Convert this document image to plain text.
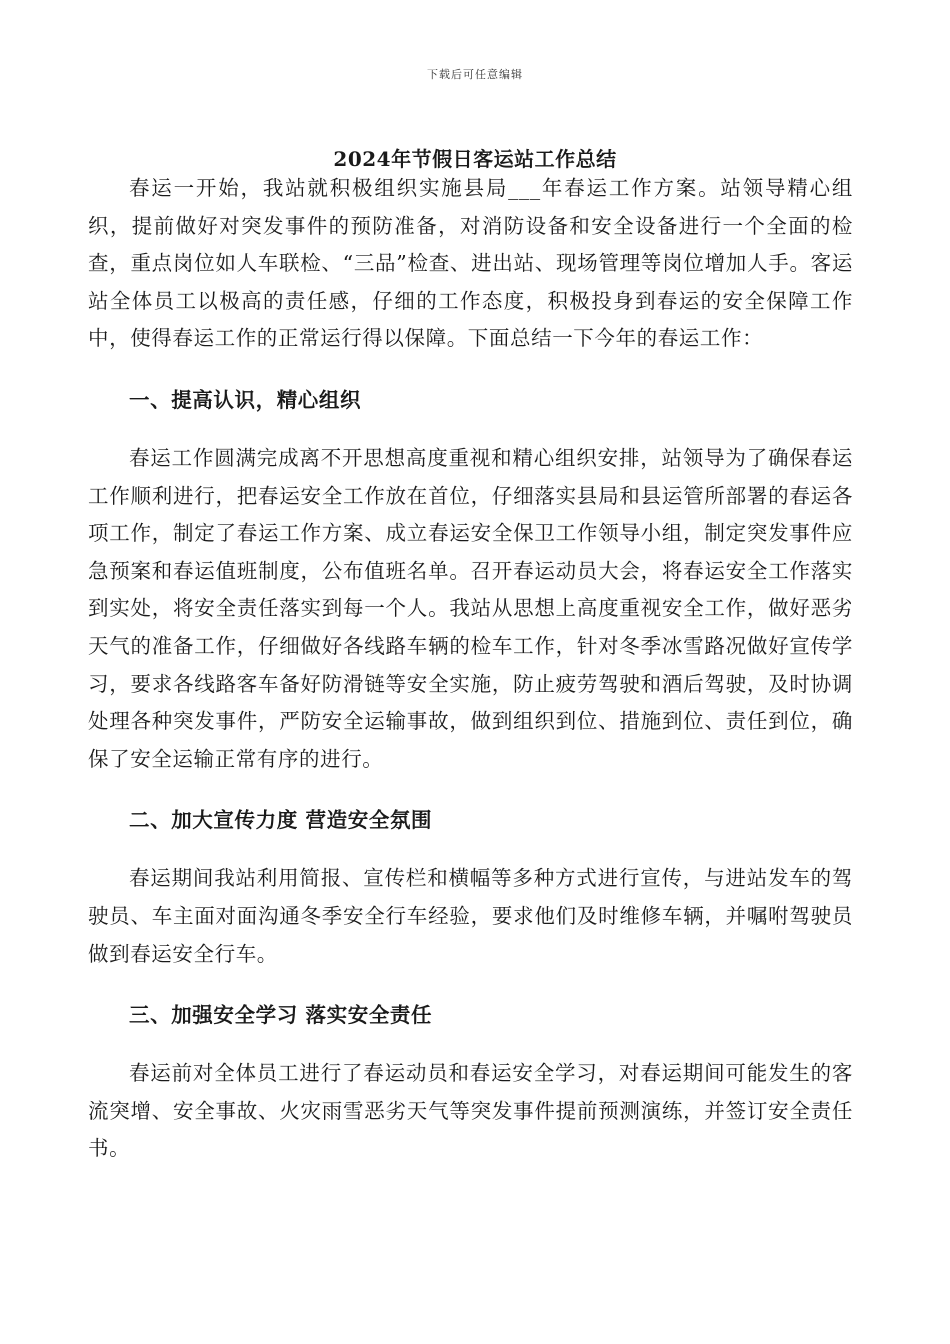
下载后可任意编辑
2024年节假日客运站工作总结

春运一开始，我站就积极组织实施县局___年春运工作方案。站领导精心组织，提前做好对突发事件的预防准备，对消防设备和安全设备进行一个全面的检查，重点岗位如人车联检、“三品”检查、进出站、现场管理等岗位增加人手。客运站全体员工以极高的责任感，仔细的工作态度，积极投身到春运的安全保障工作中，使得春运工作的正常运行得以保障。下面总结一下今年的春运工作：

一、提高认识，精心组织

春运工作圆满完成离不开思想高度重视和精心组织安排，站领导为了确保春运工作顺利进行，把春运安全工作放在首位，仔细落实县局和县运管所部署的春运各项工作，制定了春运工作方案、成立春运安全保卫工作领导小组，制定突发事件应急预案和春运值班制度，公布值班名单。召开春运动员大会，将春运安全工作落实到实处，将安全责任落实到每一个人。我站从思想上高度重视安全工作，做好恶劣天气的准备工作，仔细做好各线路车辆的检车工作，针对冬季冰雪路况做好宣传学习，要求各线路客车备好防滑链等安全实施，防止疲劳驾驶和酒后驾驶，及时协调处理各种突发事件，严防安全运输事故，做到组织到位、措施到位、责任到位，确保了安全运输正常有序的进行。

二、加大宣传力度 营造安全氛围

春运期间我站利用简报、宣传栏和横幅等多种方式进行宣传，与进站发车的驾驶员、车主面对面沟通冬季安全行车经验，要求他们及时维修车辆，并嘱咐驾驶员做到春运安全行车。

三、加强安全学习 落实安全责任

春运前对全体员工进行了春运动员和春运安全学习，对春运期间可能发生的客流突增、安全事故、火灾雨雪恶劣天气等突发事件提前预测演练，并签订安全责任书。
